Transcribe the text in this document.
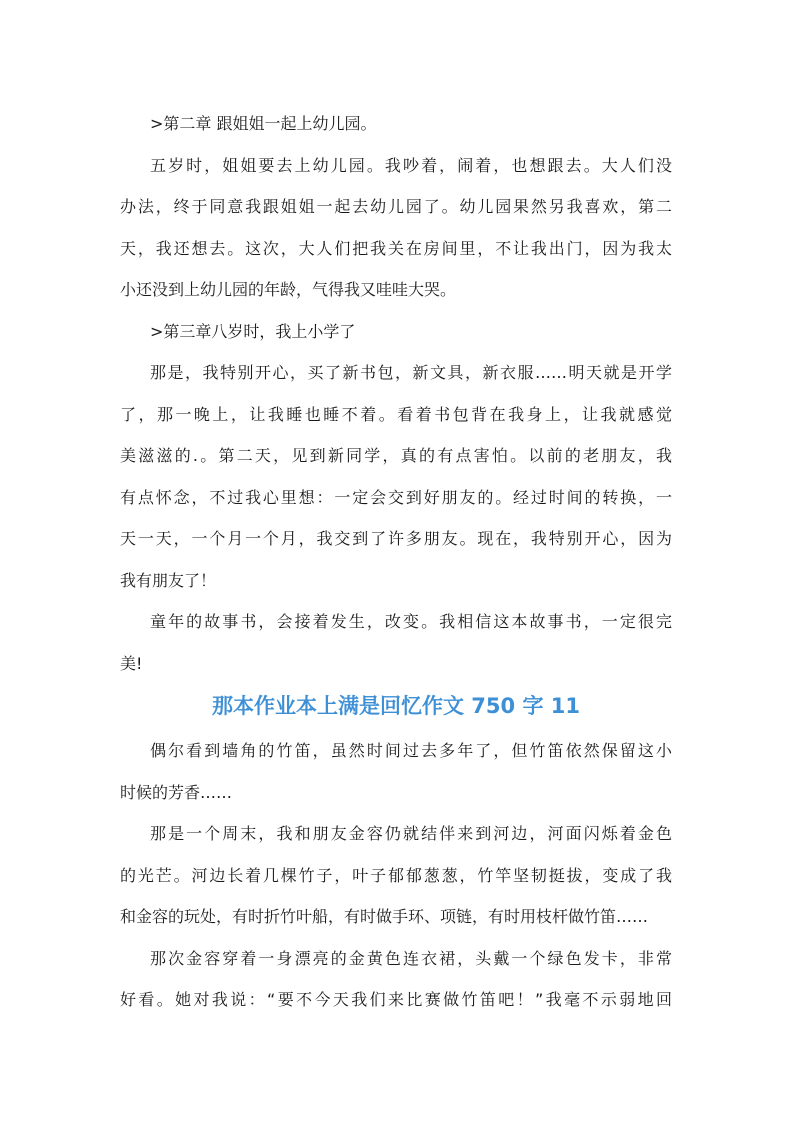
>第二章 跟姐姐一起上幼儿园。
五岁时，姐姐要去上幼儿园。我吵着，闹着，也想跟去。大人们没
办法，终于同意我跟姐姐一起去幼儿园了。幼儿园果然另我喜欢，第二
天，我还想去。这次，大人们把我关在房间里，不让我出门，因为我太
小还没到上幼儿园的年龄，气得我又哇哇大哭。
>第三章八岁时，我上小学了
那是，我特别开心，买了新书包，新文具，新衣服……明天就是开学
了，那一晚上，让我睡也睡不着。看着书包背在我身上，让我就感觉
美滋滋的.。第二天，见到新同学，真的有点害怕。以前的老朋友，我
有点怀念，不过我心里想：一定会交到好朋友的。经过时间的转换，一
天一天，一个月一个月，我交到了许多朋友。现在，我特别开心，因为
我有朋友了！
童年的故事书，会接着发生，改变。我相信这本故事书，一定很完
美!
那本作业本上满是回忆作文 750 字 11
偶尔看到墙角的竹笛，虽然时间过去多年了，但竹笛依然保留这小
时候的芳香……
那是一个周末，我和朋友金容仍就结伴来到河边，河面闪烁着金色
的光芒。河边长着几棵竹子，叶子郁郁葱葱，竹竿坚韧挺拔，变成了我
和金容的玩处，有时折竹叶船，有时做手环、项链，有时用枝杆做竹笛……
那次金容穿着一身漂亮的金黄色连衣裙，头戴一个绿色发卡，非常
好看。她对我说：“要不今天我们来比赛做竹笛吧！”我毫不示弱地回
